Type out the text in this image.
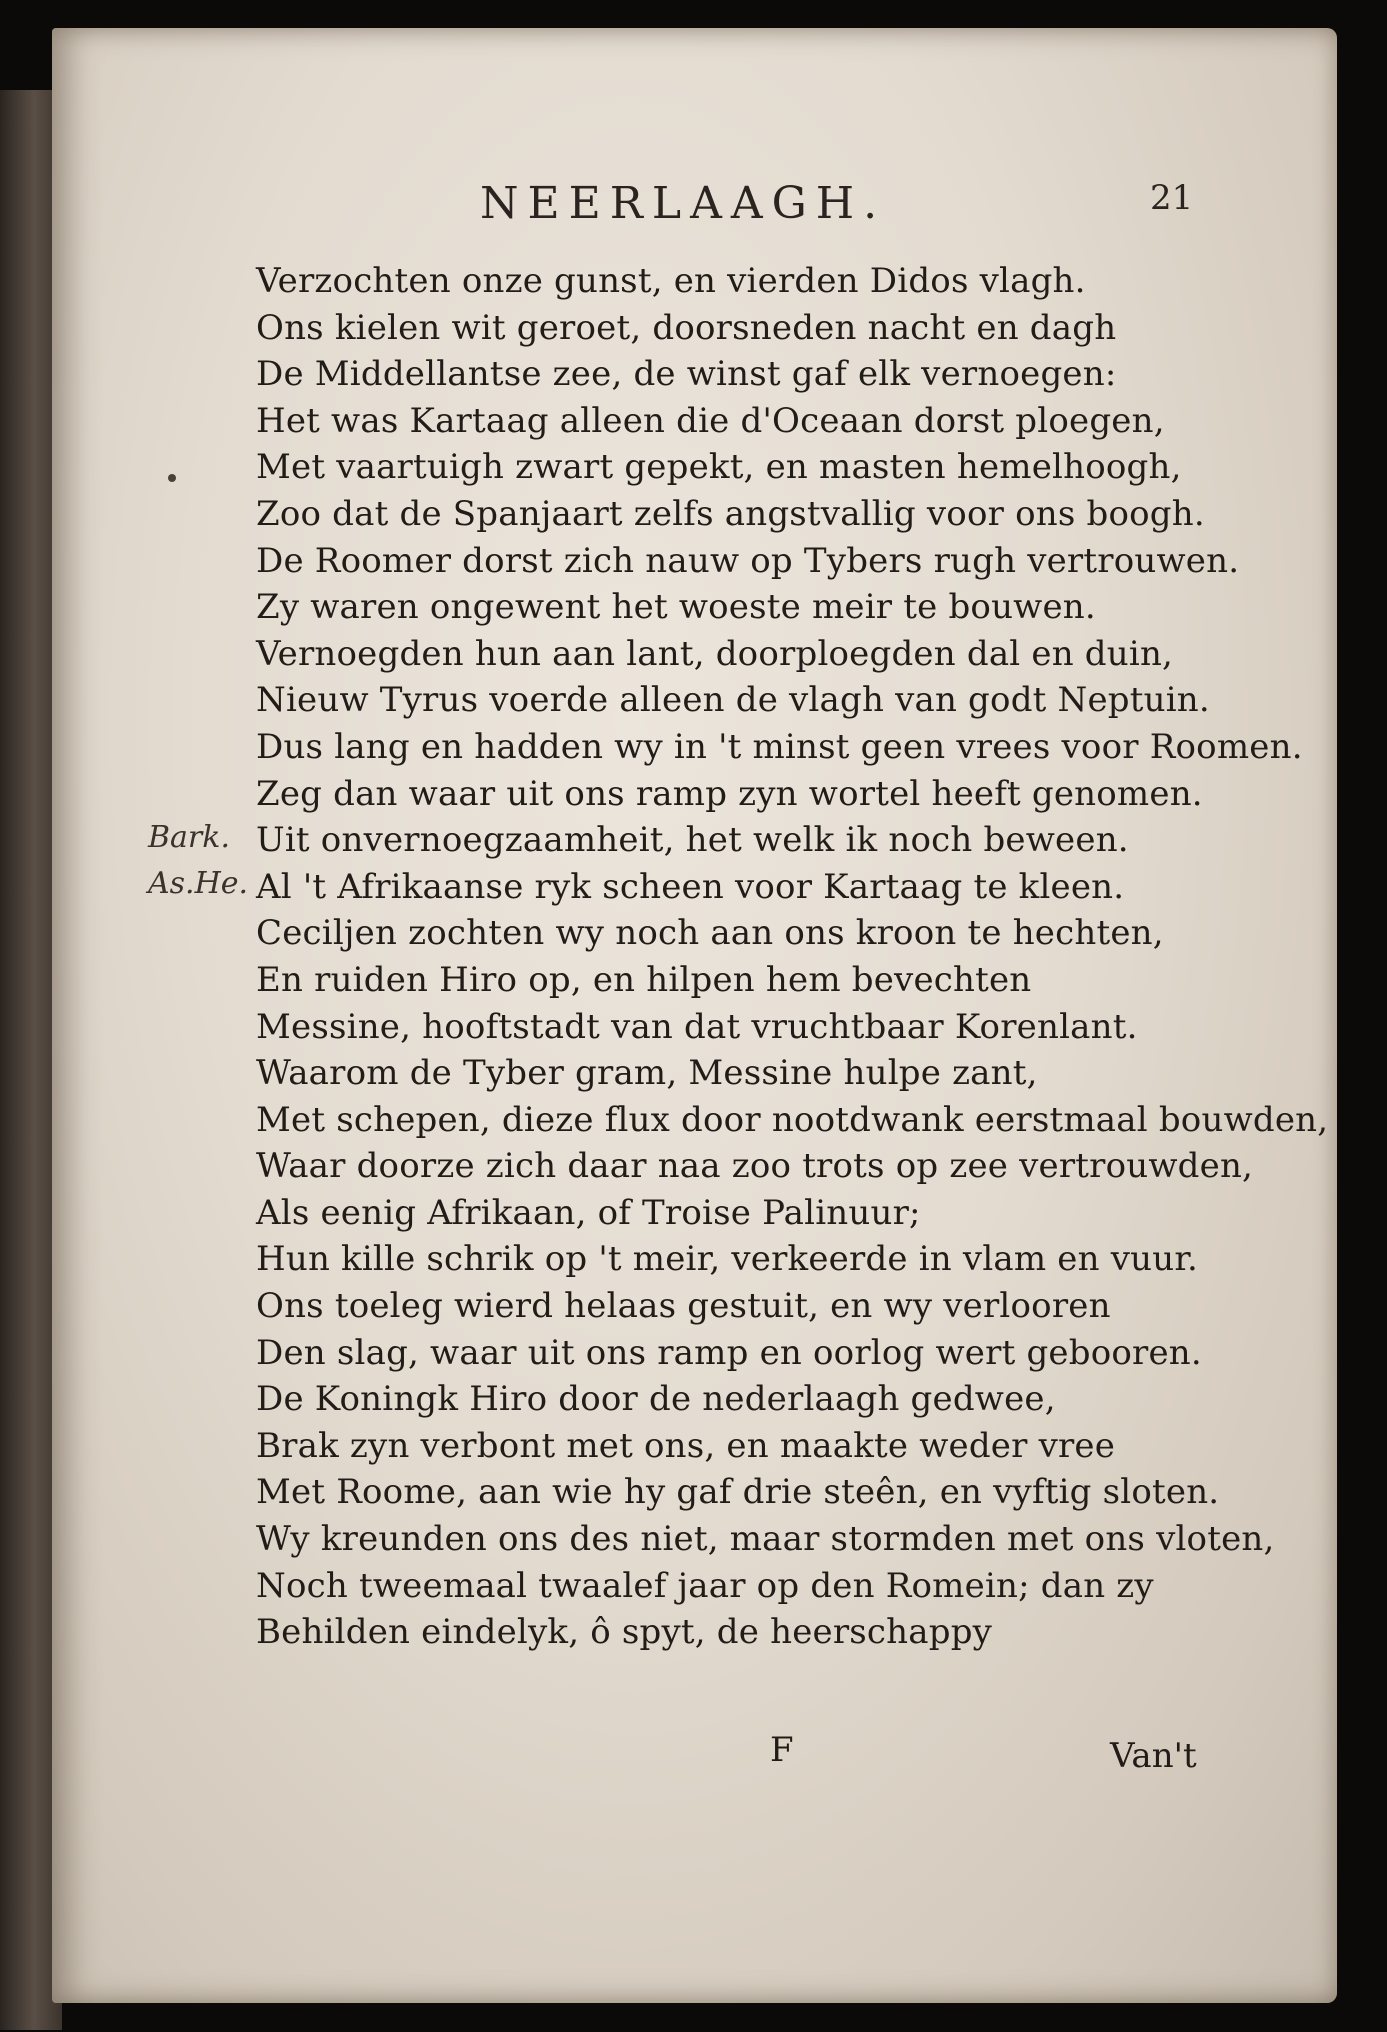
NEERLAAGH.	21
Bark.
As.He.
Verzochten onze gunst, en vierden Didos vlagh.
Ons kielen wit geroet, doorsneden nacht en dagh
De Middellantse zee, de winst gaf elk vernoegen:
Het was Kartaag alleen die d'Oceaan dorst ploegen,
Met vaartuigh zwart gepekt, en masten hemelhoogh,
Zoo dat de Spanjaart zelfs angstvallig voor ons boogh.
De Roomer dorst zich nauw op Tybers rugh vertrouwen.
Zy waren ongewent het woeste meir te bouwen.
Vernoegden hun aan lant, doorploegden dal en duin,
Nieuw Tyrus voerde alleen de vlagh van godt Neptuin.
Dus lang en hadden wy in 't minst geen vrees voor Roomen.
Zeg dan waar uit ons ramp zyn wortel heeft genomen.
Uit onvernoegzaamheit, het welk ik noch beween.
Al 't Afrikaanse ryk scheen voor Kartaag te kleen.
Ceciljen zochten wy noch aan ons kroon te hechten,
En ruiden Hiro op, en hilpen hem bevechten
Messine, hooftstadt van dat vruchtbaar Korenlant.
Waarom de Tyber gram, Messine hulpe zant,
Met schepen, dieze flux door nootdwank eerstmaal bouwden,
Waar doorze zich daar naa zoo trots op zee vertrouwden,
Als eenig Afrikaan, of Troise Palinuur;
Hun kille schrik op 't meir, verkeerde in vlam en vuur.
Ons toeleg wierd helaas gestuit, en wy verlooren
Den slag, waar uit ons ramp en oorlog wert gebooren.
De Koningk Hiro door de nederlaagh gedwee,
Brak zyn verbont met ons, en maakte weder vree
Met Roome, aan wie hy gaf drie steên, en vyftig sloten.
Wy kreunden ons des niet, maar stormden met ons vloten,
Noch tweemaal twaalef jaar op den Romein; dan zy
Behilden eindelyk, ô spyt, de heerschappy
F	Van't
